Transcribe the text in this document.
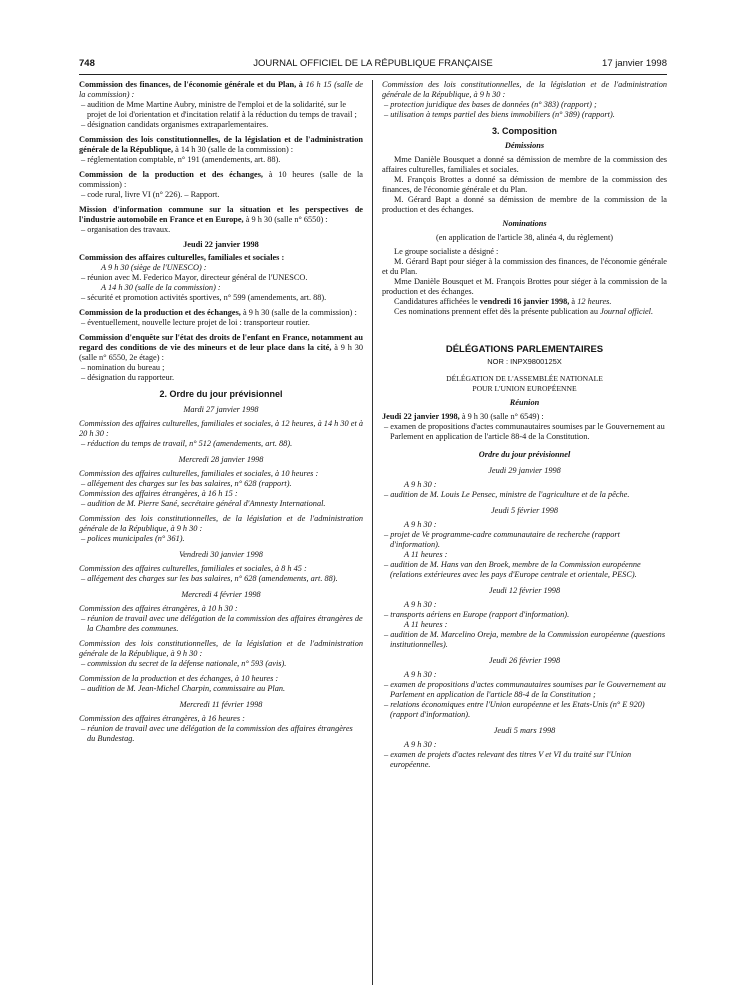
748	JOURNAL OFFICIEL DE LA RÉPUBLIQUE FRANÇAISE	17 janvier 1998

Commission des finances, de l'économie générale et du Plan, à 16 h 15 (salle de la commission) :

– audition de Mme Martine Aubry, ministre de l'emploi et de la solidarité, sur le projet de loi d'orientation et d'incitation relatif à la réduction du temps de travail ;

– désignation candidats organismes extraparlementaires.

Commission des lois constitutionnelles, de la législation et de l'administration générale de la République, à 14 h 30 (salle de la commission) :

– réglementation comptable, n° 191 (amendements, art. 88).

Commission de la production et des échanges, à 10 heures (salle de la commission) :

– code rural, livre VI (n° 226). – Rapport.

Mission d'information commune sur la situation et les perspectives de l'industrie automobile en France et en Europe, à 9 h 30 (salle n° 6550) :

– organisation des travaux.

Jeudi 22 janvier 1998

Commission des affaires culturelles, familiales et sociales :

A 9 h 30 (siège de l'UNESCO) :

– réunion avec M. Federico Mayor, directeur général de l'UNESCO.

A 14 h 30 (salle de la commission) :

– sécurité et promotion activités sportives, n° 599 (amendements, art. 88).

Commission de la production et des échanges, à 9 h 30 (salle de la commission) :

– éventuellement, nouvelle lecture projet de loi : transporteur routier.

Commission d'enquête sur l'état des droits de l'enfant en France, notamment au regard des conditions de vie des mineurs et de leur place dans la cité, à 9 h 30 (salle n° 6550, 2e étage) :

– nomination du bureau ;

– désignation du rapporteur.

2. Ordre du jour prévisionnel

Mardi 27 janvier 1998

Commission des affaires culturelles, familiales et sociales, à 12 heures, à 14 h 30 et à 20 h 30 :

– réduction du temps de travail, n° 512 (amendements, art. 88).

Mercredi 28 janvier 1998

Commission des affaires culturelles, familiales et sociales, à 10 heures :

– allégement des charges sur les bas salaires, n° 628 (rapport).

Commission des affaires étrangères, à 16 h 15 :

– audition de M. Pierre Sané, secrétaire général d'Amnesty International.

Commission des lois constitutionnelles, de la législation et de l'administration générale de la République, à 9 h 30 :

– polices municipales (n° 361).

Vendredi 30 janvier 1998

Commission des affaires culturelles, familiales et sociales, à 8 h 45 :

– allégement des charges sur les bas salaires, n° 628 (amendements, art. 88).

Mercredi 4 février 1998

Commission des affaires étrangères, à 10 h 30 :

– réunion de travail avec une délégation de la commission des affaires étrangères de la Chambre des communes.

Commission des lois constitutionnelles, de la législation et de l'administration générale de la République, à 9 h 30 :

– commission du secret de la défense nationale, n° 593 (avis).

Commission de la production et des échanges, à 10 heures :

– audition de M. Jean-Michel Charpin, commissaire au Plan.

Mercredi 11 février 1998

Commission des affaires étrangères, à 16 heures :

– réunion de travail avec une délégation de la commission des affaires étrangères du Bundestag.

Commission des lois constitutionnelles, de la législation et de l'administration générale de la République, à 9 h 30 :

– protection juridique des bases de données (n° 383) (rapport) ;

– utilisation à temps partiel des biens immobiliers (n° 389) (rapport).

3. Composition

Démissions

Mme Danièle Bousquet a donné sa démission de membre de la commission des affaires culturelles, familiales et sociales.

M. François Brottes a donné sa démission de membre de la commission des finances, de l'économie générale et du Plan.

M. Gérard Bapt a donné sa démission de membre de la commission de la production et des échanges.

Nominations

(en application de l'article 38, alinéa 4, du règlement)

Le groupe socialiste a désigné :

M. Gérard Bapt pour siéger à la commission des finances, de l'économie générale et du Plan.

Mme Danièle Bousquet et M. François Brottes pour siéger à la commission de la production et des échanges.

Candidatures affichées le vendredi 16 janvier 1998, à 12 heures.

Ces nominations prennent effet dès la présente publication au Journal officiel.

DÉLÉGATIONS PARLEMENTAIRES

NOR : INPX9800125X

DÉLÉGATION DE L'ASSEMBLÉE NATIONALE

POUR L'UNION EUROPÉENNE

Réunion

Jeudi 22 janvier 1998, à 9 h 30 (salle n° 6549) :

– examen de propositions d'actes communautaires soumises par le Gouvernement au Parlement en application de l'article 88-4 de la Constitution.

Ordre du jour prévisionnel

Jeudi 29 janvier 1998

A 9 h 30 :

– audition de M. Louis Le Pensec, ministre de l'agriculture et de la pêche.

Jeudi 5 février 1998

A 9 h 30 :

– projet de Ve programme-cadre communautaire de recherche (rapport d'information).

A 11 heures :

– audition de M. Hans van den Broek, membre de la Commission européenne (relations extérieures avec les pays d'Europe centrale et orientale, PESC).

Jeudi 12 février 1998

A 9 h 30 :

– transports aériens en Europe (rapport d'information).

A 11 heures :

– audition de M. Marcelino Oreja, membre de la Commission européenne (questions institutionnelles).

Jeudi 26 février 1998

A 9 h 30 :

– examen de propositions d'actes communautaires soumises par le Gouvernement au Parlement en application de l'article 88-4 de la Constitution ;

– relations économiques entre l'Union européenne et les Etats-Unis (n° E 920) (rapport d'information).

Jeudi 5 mars 1998

A 9 h 30 :

– examen de projets d'actes relevant des titres V et VI du traité sur l'Union européenne.
